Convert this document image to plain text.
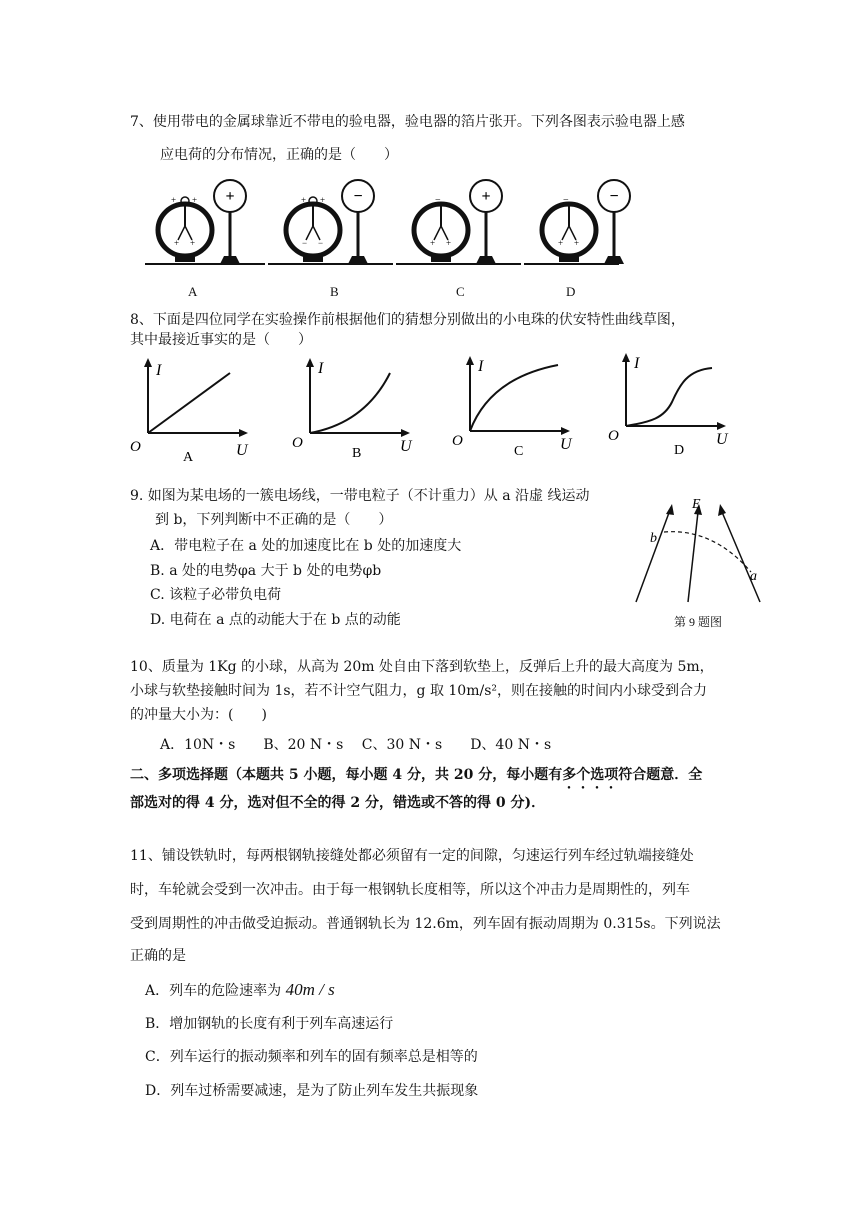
7、使用带电的金属球靠近不带电的验电器，验电器的箔片张开。下列各图表示验电器上感
应电荷的分布情况，正确的是（　　）
+ +
+ +
+	+ +
− −
−	−
+ +
+	−
+ +
−
A	B	C	D
8、下面是四位同学在实验操作前根据他们的猜想分别做出的小电珠的伏安特性曲线草图，
其中最接近事实的是（　　）
I
O	U
A
I
O	U
B
I
O	U
C
I
O	U
D
9. 如图为某电场的一簇电场线，一带电粒子（不计重力）从 a 沿虚 线运动
到 b，下列判断中不正确的是（　　）
A．带电粒子在 a 处的加速度比在 b 处的加速度大
B. a 处的电势φa 大于 b 处的电势φb
C. 该粒子必带负电荷
D. 电荷在 a 点的动能大于在 b 点的动能
E
b
a
第 9 题图
10、质量为 1Kg 的小球，从高为 20m 处自由下落到软垫上，反弹后上升的最大高度为 5m，
小球与软垫接触时间为 1s，若不计空气阻力，g 取 10m/s²，则在接触的时间内小球受到合力
的冲量大小为：(　　)
A．10N・s　　B、20 N・s　 C、30 N・s　　D、40 N・s
二、多项选择题（本题共 5 小题，每小题 4 分，共 20 分，每小题有多个选项符合题意．全
部选对的得 4 分，选对但不全的得 2 分，错选或不答的得 0 分)．
11、铺设铁轨时，每两根钢轨接缝处都必须留有一定的间隙，匀速运行列车经过轨端接缝处
时，车轮就会受到一次冲击。由于每一根钢轨长度相等，所以这个冲击力是周期性的，列车
受到周期性的冲击做受迫振动。普通钢轨长为 12.6m，列车固有振动周期为 0.315s。下列说法
正确的是
A．列车的危险速率为 40m / s
B．增加钢轨的长度有利于列车高速运行
C．列车运行的振动频率和列车的固有频率总是相等的
D．列车过桥需要减速，是为了防止列车发生共振现象
